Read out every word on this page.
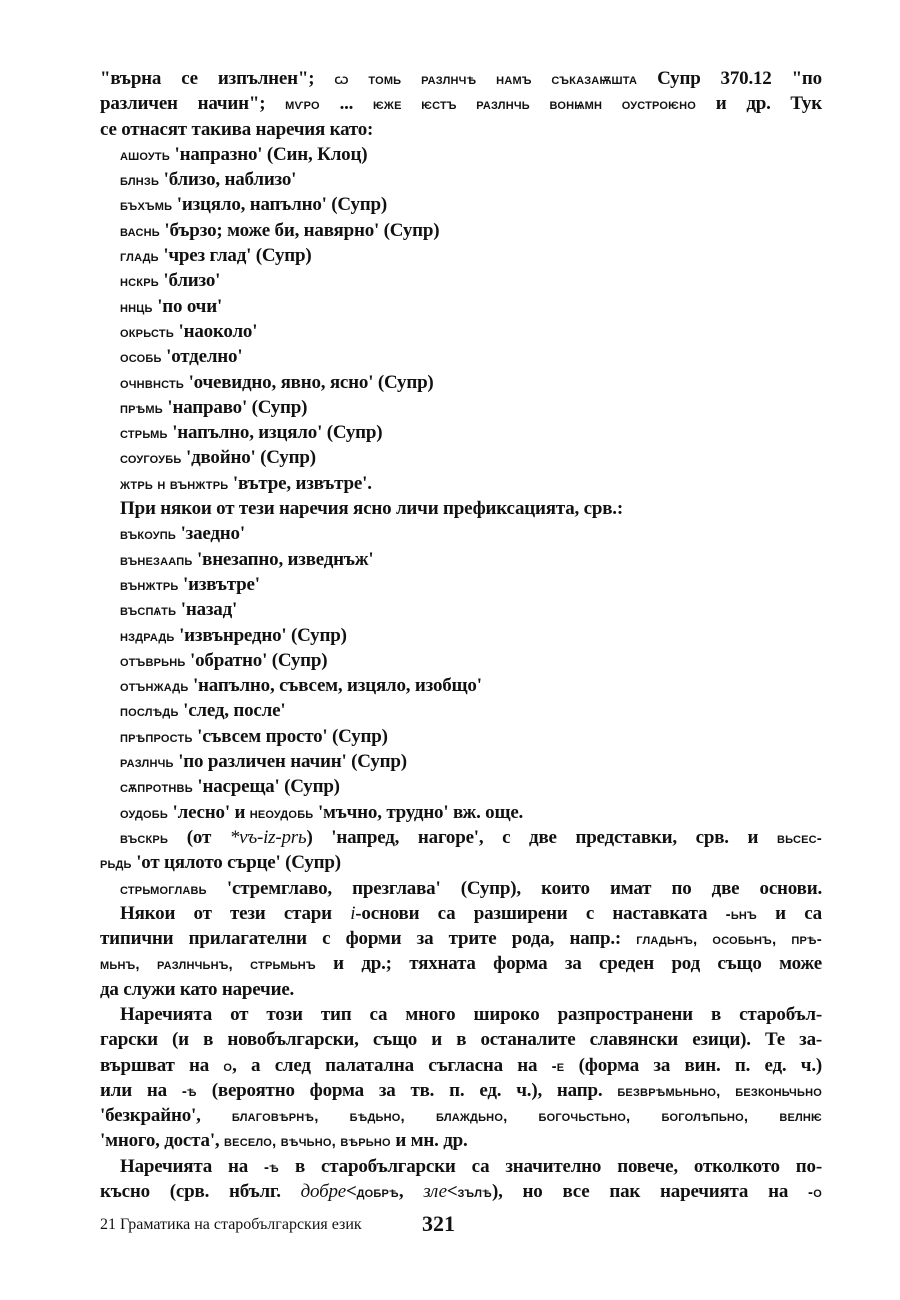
"върна се изпълнен"; ѡ томь разлнчѣ намъ съказаѭшта Супр 370.12 "по
различен начин"; мѵро ... ѥже ѥстъ разлнчь вонѩмн оустроѥно и др. Тук
се отнасят такива наречия като:
ашоуть 'напразно' (Син, Клоц)
блнзь 'близо, наблизо'
бъхъмь 'изцяло, напълно' (Супр)
васнь 'бързо; може би, навярно' (Супр)
гладь 'чрез глад' (Супр)
нскрь 'близо'
ннць 'по очи'
окрьсть 'наоколо'
особь 'отделно'
очнвнсть 'очевидно, явно, ясно' (Супр)
прѣмь 'направо' (Супр)
стрьмь 'напълно, изцяло' (Супр)
соугоубь 'двойно' (Супр)
жтрь н вънжтрь 'вътре, извътре'.
При някои от тези наречия ясно личи префиксацията, срв.:
въкоупь 'заедно'
вънезаапь 'внезапно, изведнъж'
вънжтрь 'извътре'
въспѧть 'назад'
нздрадь 'извънредно' (Супр)
отъврьнь 'обратно' (Супр)
отънжадь 'напълно, съвсем, изцяло, изобщо'
послѣдь 'след, после'
прѣпрость 'съвсем просто' (Супр)
разлнчь 'по различен начин' (Супр)
сѫпротнвь 'насреща' (Супр)
оудобь 'лесно' и неоудобь 'мъчно, трудно' вж. още.
въскрь (от *vъ-iz-prь) 'напред, нагоре', с две представки, срв. и вьсес-
рьдь 'от цялото сърце' (Супр)
стрьмоглавь 'стремглаво, презглава' (Супр), които имат по две основи.
Някои от тези стари i-основи са разширени с наставката -ьнъ и са
типични прилагателни с форми за трите рода, напр.: гладьнъ, особьнъ, прѣ-
мьнъ, разлнчьнъ, стрьмьнъ и др.; тяхната форма за среден род също може
да служи като наречие.
Наречията от този тип са много широко разпространени в старобъл-
гарски (и в новобългарски, също и в останалите славянски езици). Те за-
вършват на о, а след палатална съгласна на -е (форма за вин. п. ед. ч.)
или на -ѣ (вероятно форма за тв. п. ед. ч.), напр. безврѣмьньно, безконьчьно
'безкрайно', благовѣрнѣ, бѣдьно, блаждьно, богочьстьно, боголѣпьно, велнѥ
'много, доста', весело, вѣчьно, вѣрьно и мн. др.
Наречията на -ѣ в старобългарски са значително повече, отколкото по-
късно (срв. нбълг. добре<добрѣ, зле<зълѣ), но все пак наречията на -о
21 Граматика на старобългарския език	321
